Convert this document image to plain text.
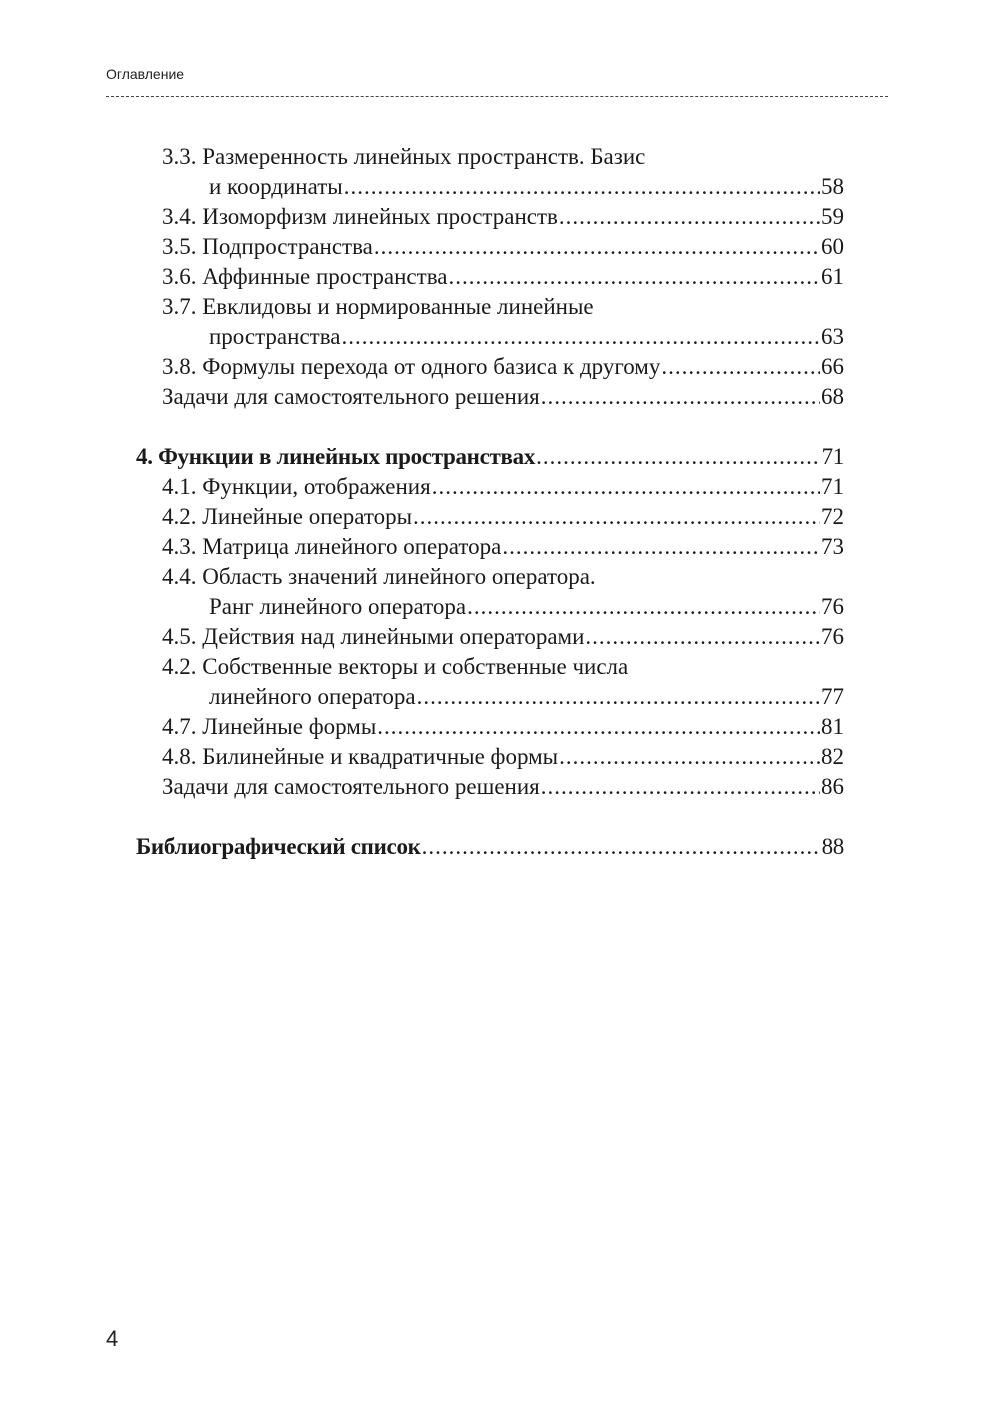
Оглавление
3.3. Размеренность линейных пространств. Базис
и координаты .....	58
3.4. Изоморфизм линейных пространств .....	59
3.5. Подпространства .....	60
3.6. Аффинные пространства .....	61
3.7. Евклидовы и нормированные линейные
пространства .....	63
3.8. Формулы перехода от одного базиса к другому .....	66
Задачи для самостоятельного решения .....	68
4. Функции в линейных пространствах .....	71
4.1. Функции, отображения .....	71
4.2. Линейные операторы .....	72
4.3. Матрица линейного оператора .....	73
4.4. Область значений линейного оператора.
Ранг линейного оператора .....	76
4.5. Действия над линейными операторами .....	76
4.2. Собственные векторы и собственные числа
линейного оператора .....	77
4.7. Линейные формы .....	81
4.8. Билинейные и квадратичные формы .....	82
Задачи для самостоятельного решения .....	86
Библиографический список .....	88
4
